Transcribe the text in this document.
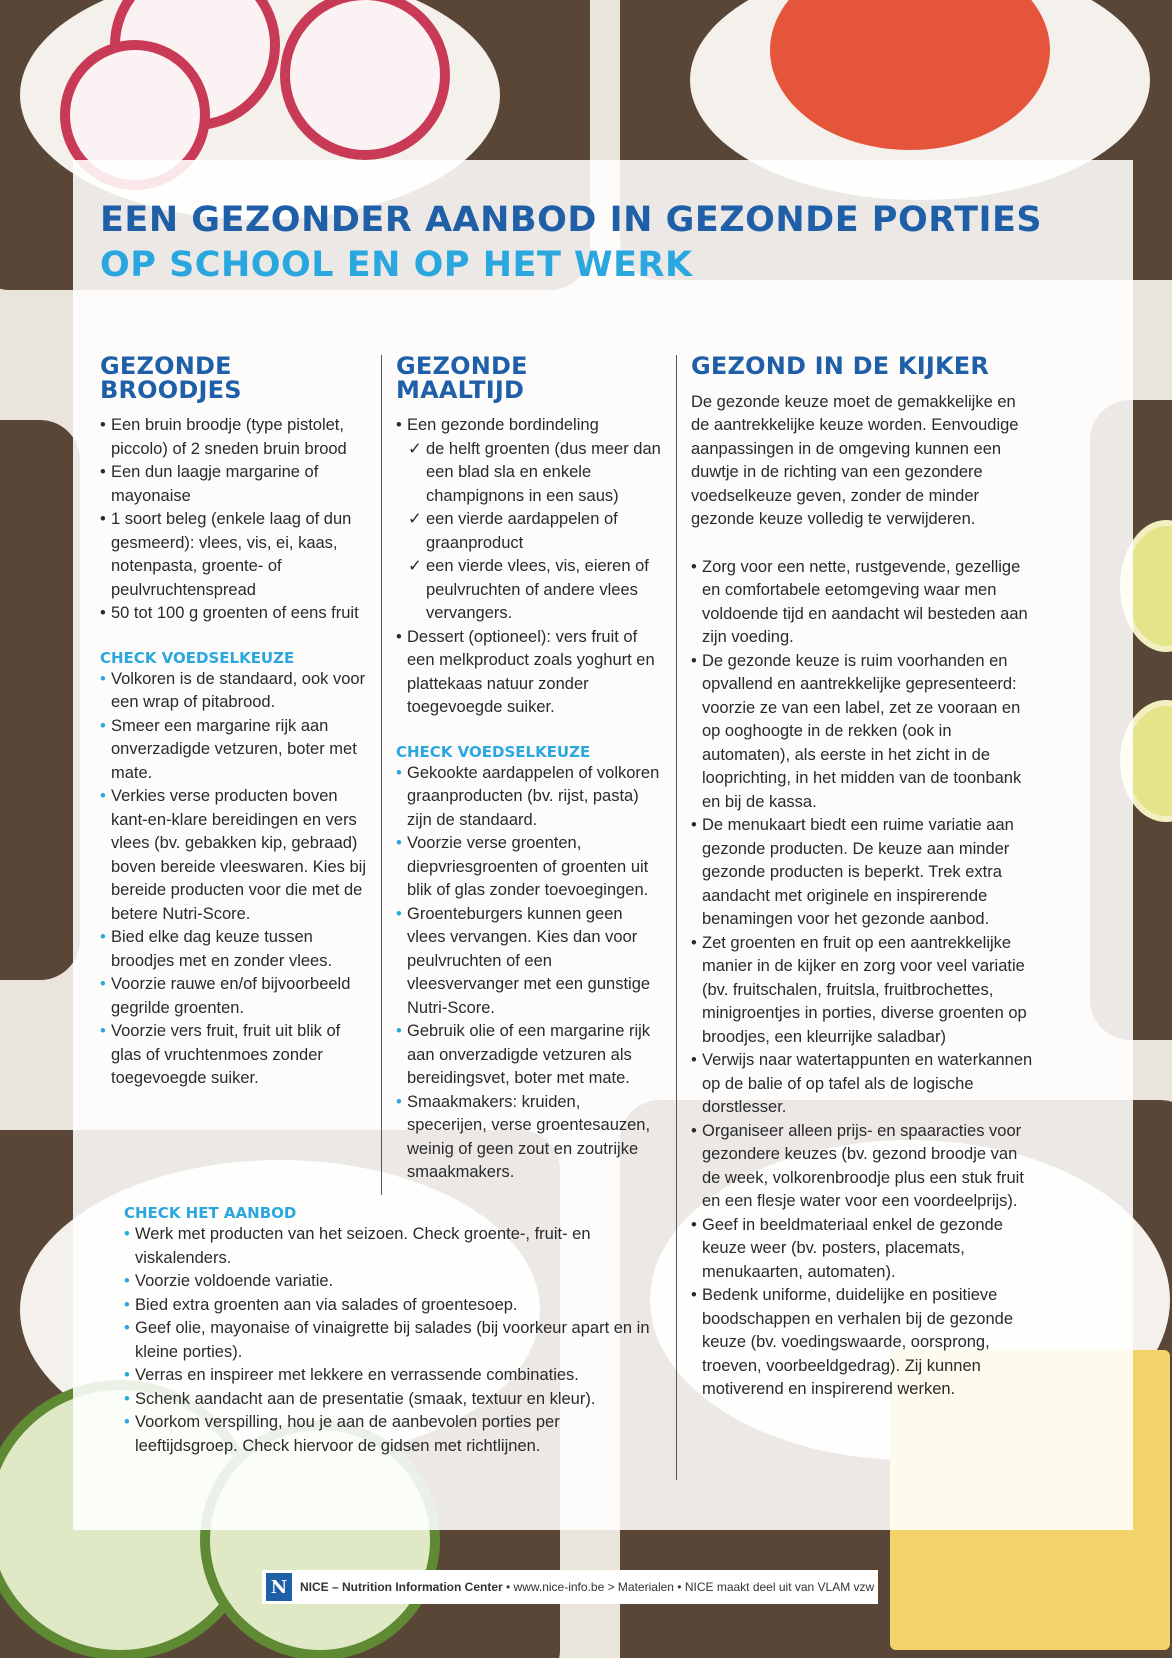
EEN GEZONDER AANBOD IN GEZONDE PORTIES
OP SCHOOL EN OP HET WERK
GEZONDE BROODJES
• Een bruin broodje (type pistolet, piccolo) of 2 sneden bruin brood
• Een dun laagje margarine of mayonaise
• 1 soort beleg (enkele laag of dun gesmeerd): vlees, vis, ei, kaas, notenpasta, groente- of peulvruchtenspread
• 50 tot 100 g groenten of eens fruit
CHECK VOEDSELKEUZE
• Volkoren is de standaard, ook voor een wrap of pitabrood.
• Smeer een margarine rijk aan onverzadigde vetzuren, boter met mate.
• Verkies verse producten boven kant-en-klare bereidingen en vers vlees (bv. gebakken kip, gebraad) boven bereide vleeswaren. Kies bij bereide producten voor die met de betere Nutri-Score.
• Bied elke dag keuze tussen broodjes met en zonder vlees.
• Voorzie rauwe en/of bijvoorbeeld gegrilde groenten.
• Voorzie vers fruit, fruit uit blik of glas of vruchtenmoes zonder toegevoegde suiker.
GEZONDE MAALTIJD
• Een gezonde bordindeling
✓ de helft groenten (dus meer dan een blad sla en enkele champignons in een saus)
✓ een vierde aardappelen of graanproduct
✓ een vierde vlees, vis, eieren of peulvruchten of andere vlees vervangers.
• Dessert (optioneel): vers fruit of een melkproduct zoals yoghurt en plattekaas natuur zonder toegevoegde suiker.
CHECK VOEDSELKEUZE
• Gekookte aardappelen of volkoren graanproducten (bv. rijst, pasta) zijn de standaard.
• Voorzie verse groenten, diepvriesgroenten of groenten uit blik of glas zonder toevoegingen.
• Groenteburgers kunnen geen vlees vervangen. Kies dan voor peulvruchten of een vleesvervanger met een gunstige Nutri-Score.
• Gebruik olie of een margarine rijk aan onverzadigde vetzuren als bereidingsvet, boter met mate.
• Smaakmakers: kruiden, specerijen, verse groentesauzen, weinig of geen zout en zoutrijke smaakmakers.
GEZOND IN DE KIJKER

De gezonde keuze moet de gemakkelijke en de aantrekkelijke keuze worden. Eenvoudige aanpassingen in de omgeving kunnen een duwtje in de richting van een gezondere voedselkeuze geven, zonder de minder gezonde keuze volledig te verwijderen.

• Zorg voor een nette, rustgevende, gezellige en comfortabele eetomgeving waar men voldoende tijd en aandacht wil besteden aan zijn voeding.
• De gezonde keuze is ruim voorhanden en opvallend en aantrekkelijke gepresenteerd: voorzie ze van een label, zet ze vooraan en op ooghoogte in de rekken (ook in automaten), als eerste in het zicht in de looprichting, in het midden van de toonbank en bij de kassa.
• De menukaart biedt een ruime variatie aan gezonde producten. De keuze aan minder gezonde producten is beperkt. Trek extra aandacht met originele en inspirerende benamingen voor het gezonde aanbod.
• Zet groenten en fruit op een aantrekkelijke manier in de kijker en zorg voor veel variatie (bv. fruitschalen, fruitsla, fruitbrochettes, minigroentjes in porties, diverse groenten op broodjes, een kleurrijke saladbar)
• Verwijs naar watertappunten en waterkannen op de balie of op tafel als de logische dorstlesser.
• Organiseer alleen prijs- en spaaracties voor gezondere keuzes (bv. gezond broodje van de week, volkorenbroodje plus een stuk fruit en een flesje water voor een voordeelprijs).
• Geef in beeldmateriaal enkel de gezonde keuze weer (bv. posters, placemats, menukaarten, automaten).
• Bedenk uniforme, duidelijke en positieve boodschappen en verhalen bij de gezonde keuze (bv. voedingswaarde, oorsprong, troeven, voorbeeldgedrag). Zij kunnen motiverend en inspirerend werken.
CHECK HET AANBOD
• Werk met producten van het seizoen. Check groente-, fruit- en viskalenders.
• Voorzie voldoende variatie.
• Bied extra groenten aan via salades of groentesoep.
• Geef olie, mayonaise of vinaigrette bij salades (bij voorkeur apart en in kleine porties).
• Verras en inspireer met lekkere en verrassende combinaties.
• Schenk aandacht aan de presentatie (smaak, textuur en kleur).
• Voorkom verspilling, hou je aan de aanbevolen porties per leeftijdsgroep. Check hiervoor de gidsen met richtlijnen.
N NICE – Nutrition Information Center • www.nice-info.be > Materialen • NICE maakt deel uit van VLAM vzw
